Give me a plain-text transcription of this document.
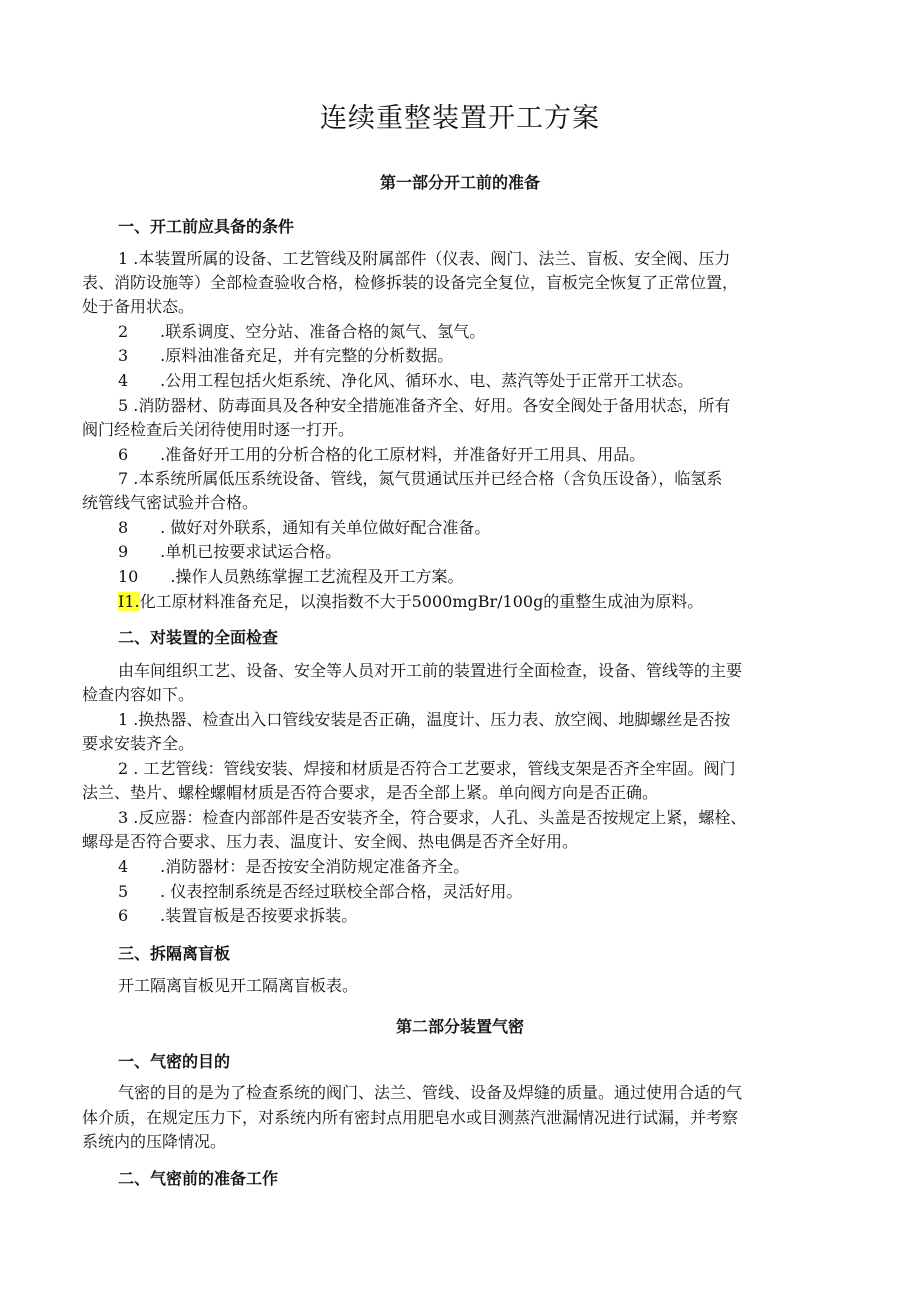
连续重整装置开工方案
第一部分开工前的准备
一、开工前应具备的条件
1 .本装置所属的设备、工艺管线及附属部件（仪表、阀门、法兰、盲板、安全阀、压力
表、消防设施等）全部检查验收合格，检修拆装的设备完全复位，盲板完全恢复了正常位置，
处于备用状态。
2　　.联系调度、空分站、准备合格的氮气、氢气。
3　　.原料油准备充足，并有完整的分析数据。
4　　.公用工程包括火炬系统、净化风、循环水、电、蒸汽等处于正常开工状态。
5 .消防器材、防毒面具及各种安全措施准备齐全、好用。各安全阀处于备用状态，所有
阀门经检查后关闭待使用时逐一打开。
6　　.准备好开工用的分析合格的化工原材料，并准备好开工用具、用品。
7 .本系统所属低压系统设备、管线，氮气贯通试压并已经合格（含负压设备），临氢系
统管线气密试验并合格。
8　　. 做好对外联系，通知有关单位做好配合准备。
9　　.单机已按要求试运合格。
10　　.操作人员熟练掌握工艺流程及开工方案。
I1.化工原材料准备充足，以溴指数不大于5000mgBr/100g的重整生成油为原料。
二、对装置的全面检查
由车间组织工艺、设备、安全等人员对开工前的装置进行全面检查，设备、管线等的主要
检查内容如下。
1 .换热器、检查出入口管线安装是否正确，温度计、压力表、放空阀、地脚螺丝是否按
要求安装齐全。
2 . 工艺管线：管线安装、焊接和材质是否符合工艺要求，管线支架是否齐全牢固。阀门
法兰、垫片、螺栓螺帽材质是否符合要求，是否全部上紧。单向阀方向是否正确。
3 .反应器：检查内部部件是否安装齐全，符合要求，人孔、头盖是否按规定上紧，螺栓、
螺母是否符合要求、压力表、温度计、安全阀、热电偶是否齐全好用。
4　　.消防器材：是否按安全消防规定准备齐全。
5　　. 仪表控制系统是否经过联校全部合格，灵活好用。
6　　.装置盲板是否按要求拆装。
三、拆隔离盲板
开工隔离盲板见开工隔离盲板表。
第二部分装置气密
一、气密的目的
气密的目的是为了检查系统的阀门、法兰、管线、设备及焊缝的质量。通过使用合适的气
体介质，在规定压力下，对系统内所有密封点用肥皂水或目测蒸汽泄漏情况进行试漏，并考察
系统内的压降情况。
二、气密前的准备工作
